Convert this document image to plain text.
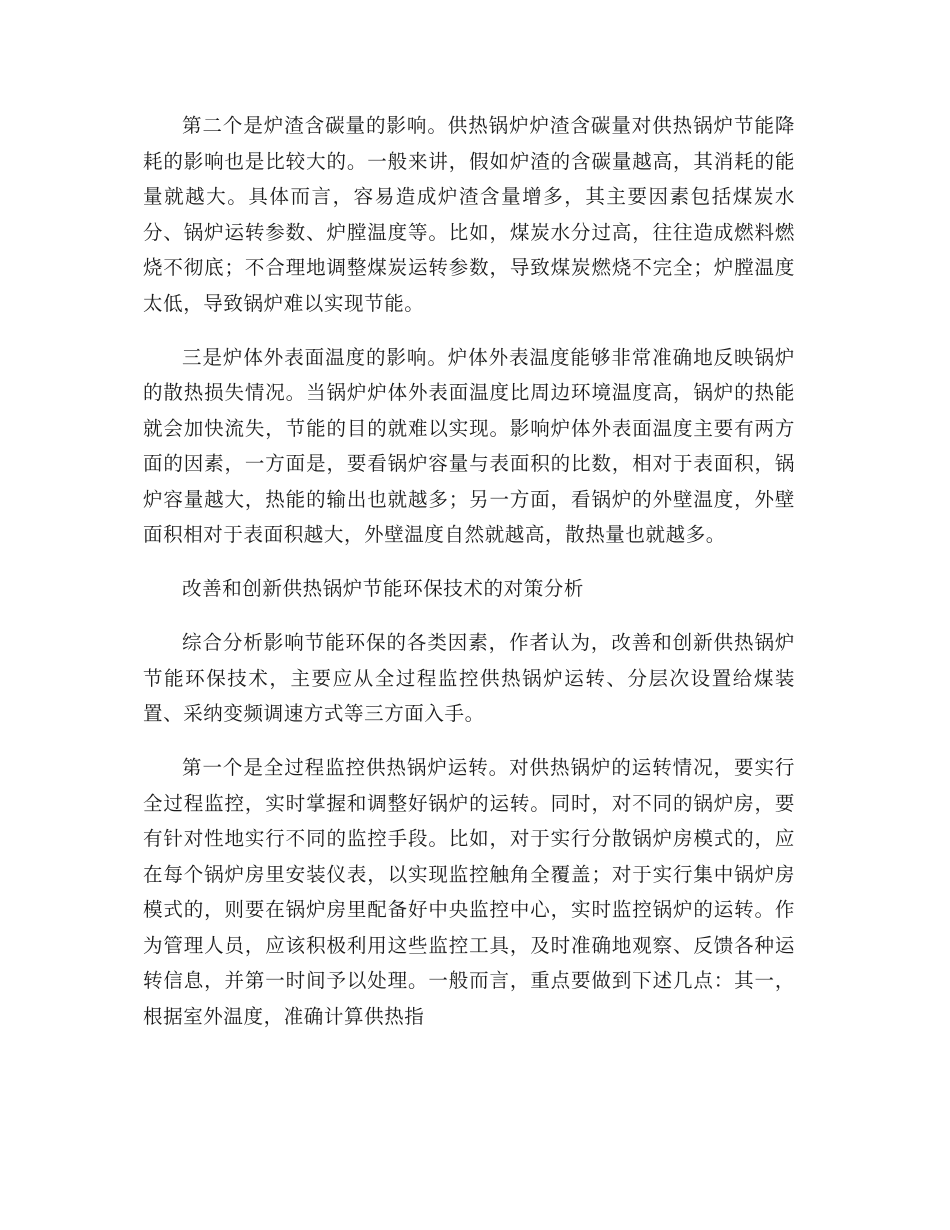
第二个是炉渣含碳量的影响。供热锅炉炉渣含碳量对供热锅炉节能降耗的影响也是比较大的。一般来讲，假如炉渣的含碳量越高，其消耗的能量就越大。具体而言，容易造成炉渣含量增多，其主要因素包括煤炭水分、锅炉运转参数、炉膛温度等。比如，煤炭水分过高，往往造成燃料燃烧不彻底；不合理地调整煤炭运转参数，导致煤炭燃烧不完全；炉膛温度太低，导致锅炉难以实现节能。

三是炉体外表面温度的影响。炉体外表温度能够非常准确地反映锅炉的散热损失情况。当锅炉炉体外表面温度比周边环境温度高，锅炉的热能就会加快流失，节能的目的就难以实现。影响炉体外表面温度主要有两方面的因素，一方面是，要看锅炉容量与表面积的比数，相对于表面积，锅炉容量越大，热能的输出也就越多；另一方面，看锅炉的外壁温度，外壁面积相对于表面积越大，外壁温度自然就越高，散热量也就越多。

改善和创新供热锅炉节能环保技术的对策分析

综合分析影响节能环保的各类因素，作者认为，改善和创新供热锅炉节能环保技术，主要应从全过程监控供热锅炉运转、分层次设置给煤装置、采纳变频调速方式等三方面入手。

第一个是全过程监控供热锅炉运转。对供热锅炉的运转情况，要实行全过程监控，实时掌握和调整好锅炉的运转。同时，对不同的锅炉房，要有针对性地实行不同的监控手段。比如，对于实行分散锅炉房模式的，应在每个锅炉房里安装仪表，以实现监控触角全覆盖；对于实行集中锅炉房模式的，则要在锅炉房里配备好中央监控中心，实时监控锅炉的运转。作为管理人员，应该积极利用这些监控工具，及时准确地观察、反馈各种运转信息，并第一时间予以处理。一般而言，重点要做到下述几点：其一，根据室外温度，准确计算供热指
